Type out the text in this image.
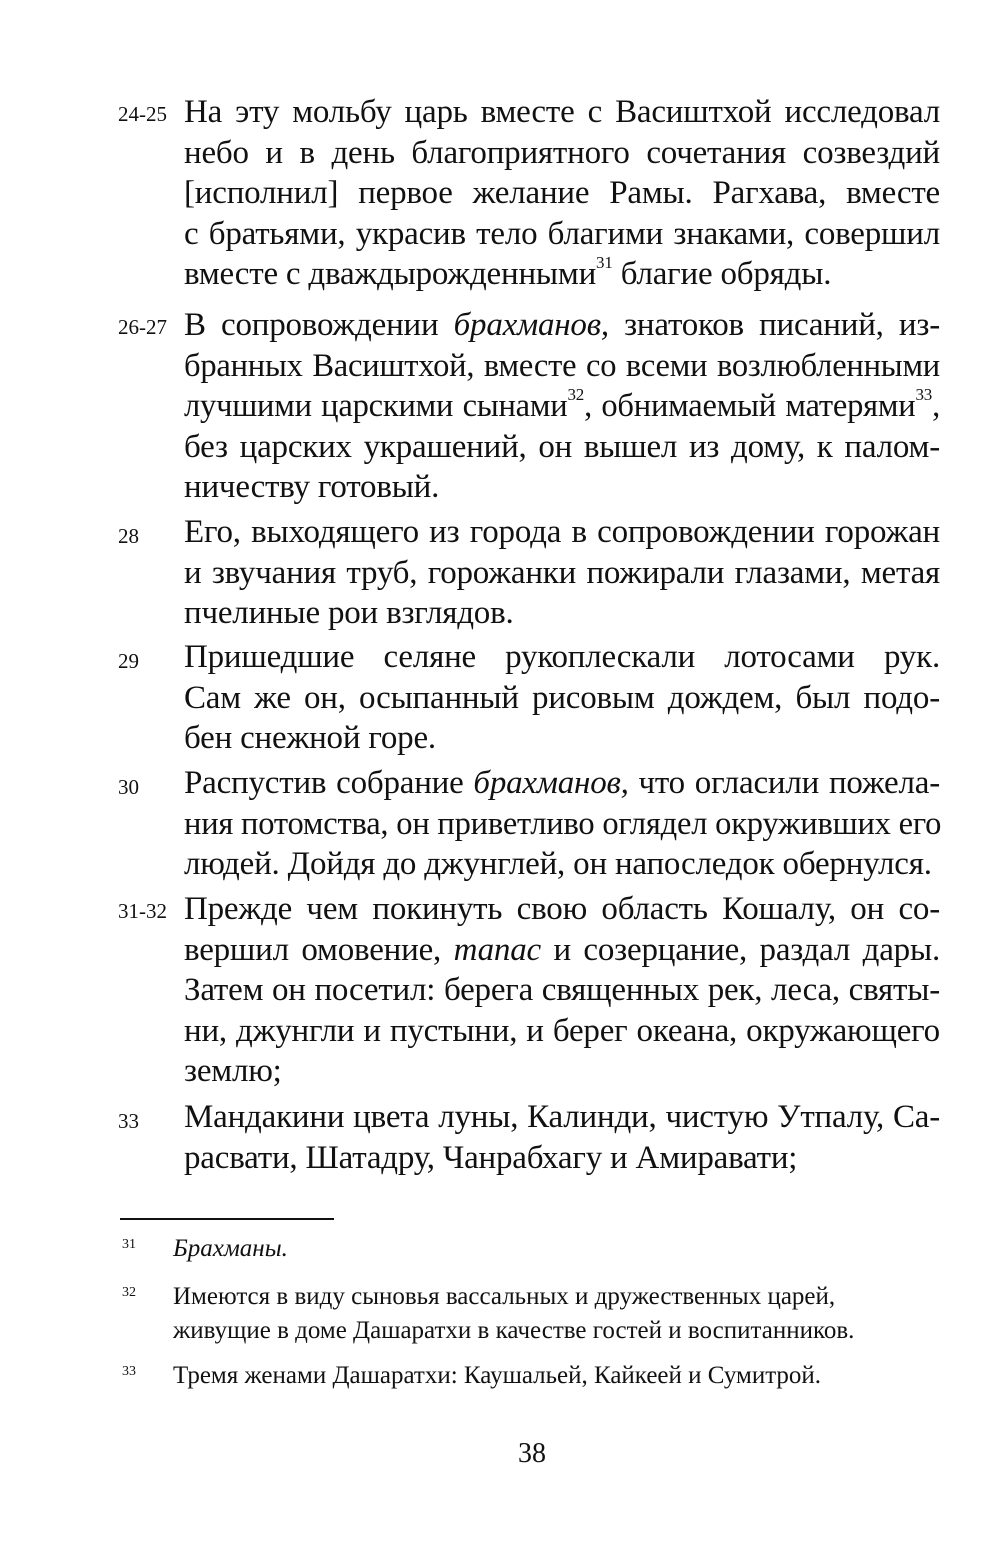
24-25 На эту мольбу царь вместе с Васиштхой исследовал
небо и в день благоприятного сочетания созвездий
[исполнил] первое желание Рамы. Рагхава, вместе
с братьями, украсив тело благими знаками, совершил
вместе с дваждырожденными$^{31}$ благие обряды.
26-27 В сопровождении брахманов, знатоков писаний, из-
бранных Васиштхой, вместе со всеми возлюбленными
лучшими царскими сынами$^{32}$, обнимаемый матерями$^{33}$,
без царских украшений, он вышел из дому, к палом-
ничеству готовый.
28 Его, выходящего из города в сопровождении горожан
и звучания труб, горожанки пожирали глазами, метая
пчелиные рои взглядов.
29 Пришедшие селяне рукоплескали лотосами рук.
Сам же он, осыпанный рисовым дождем, был подо-
бен снежной горе.
30 Распустив собрание брахманов, что огласили пожела-
ния потомства, он приветливо оглядел окруживших его
людей. Дойдя до джунглей, он напоследок обернулся.
31-32 Прежде чем покинуть свою область Кошалу, он со-
вершил омовение, тапас и созерцание, раздал дары.
Затем он посетил: берега священных рек, леса, святы-
ни, джунгли и пустыни, и берег океана, окружающего
землю;
33 Мандакини цвета луны, Калинди, чистую Утпалу, Са-
расвати, Шатадру, Чанрабхагу и Амиравати;
31 Брахманы.
32 Имеются в виду сыновья вассальных и дружественных царей,
живущие в доме Дашаратхи в качестве гостей и воспитанников.
33 Тремя женами Дашаратхи: Каушальей, Кайкеей и Сумитрой.
38
